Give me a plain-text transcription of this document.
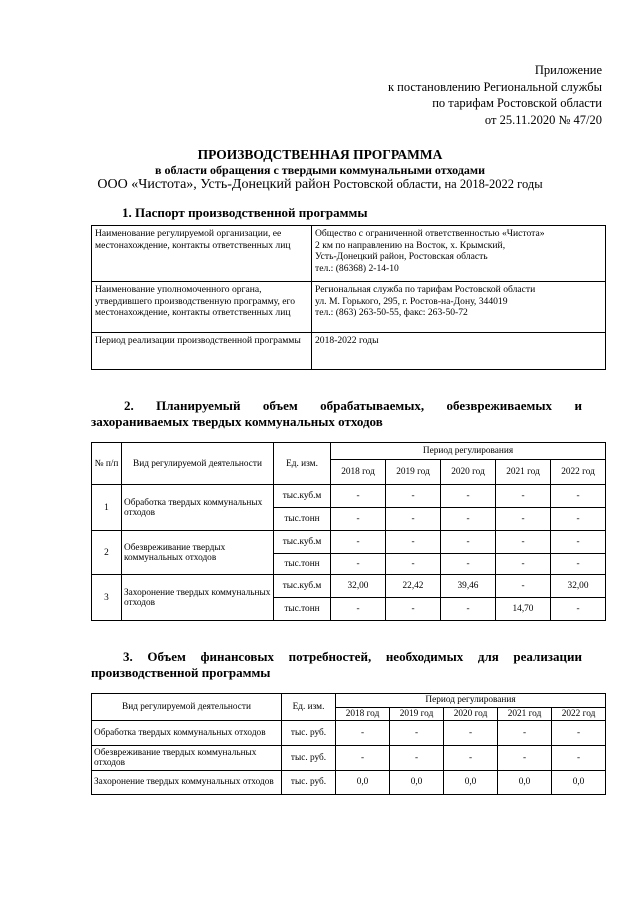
Приложение
к постановлению Региональной службы
по тарифам Ростовской области
от 25.11.2020 № 47/20
ПРОИЗВОДСТВЕННАЯ ПРОГРАММА
в области обращения с твердыми коммунальными отходами
ООО «Чистота», Усть-Донецкий район Ростовской области, на 2018-2022 годы
1. Паспорт производственной программы
Наименование регулируемой организации, ее местонахождение, контакты ответственных лиц	Общество с ограниченной ответственностью «Чистота»
2 км по направлению на Восток, х. Крымский,
Усть-Донецкий район, Ростовская область
тел.: (86368) 2-14-10

Наименование уполномоченного органа, утвердившего производственную программу, его местонахождение, контакты ответственных лиц	Региональная служба по тарифам Ростовской области
ул. М. Горького, 295, г. Ростов-на-Дону, 344019
тел.: (863) 263-50-55, факс: 263-50-72

Период реализации производственной программы	2018-2022 годы
2. Планируемый объем обрабатываемых, обезвреживаемых и
захораниваемых твердых коммунальных отходов
№ п/п	Вид регулируемой деятельности	Ед. изм.	Период регулирования				
			2018 год	2019 год	2020 год	2021 год	2022 год
1	Обработка твердых коммунальных отходов	тыс.куб.м	-	-	-	-	-
		тыс.тонн	-	-	-	-	-
2	Обезвреживание твердых коммунальных отходов	тыс.куб.м	-	-	-	-	-
		тыс.тонн	-	-	-	-	-
3	Захоронение твердых коммунальных отходов	тыс.куб.м	32,00	22,42	39,46	-	32,00
		тыс.тонн	-	-	-	14,70	-
3. Объем финансовых потребностей, необходимых для реализации
производственной программы
Вид регулируемой деятельности	Ед. изм.	Период регулирования				
		2018 год	2019 год	2020 год	2021 год	2022 год
Обработка твердых коммунальных отходов	тыс. руб.	-	-	-	-	-
Обезвреживание твердых коммунальных отходов	тыс. руб.	-	-	-	-	-
Захоронение твердых коммунальных отходов	тыс. руб.	0,0	0,0	0,0	0,0	0,0
